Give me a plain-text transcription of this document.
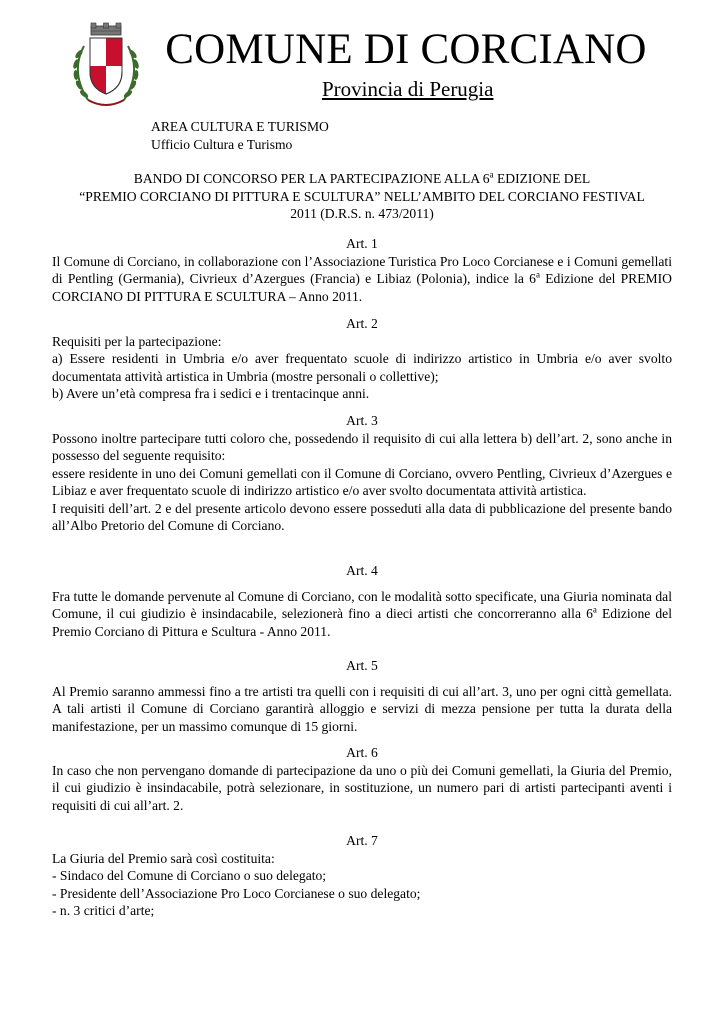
COMUNE DI CORCIANO
Provincia di Perugia
AREA CULTURA E TURISMO
Ufficio Cultura e Turismo
BANDO DI CONCORSO PER LA PARTECIPAZIONE ALLA 6$^a$ EDIZIONE DEL
“PREMIO CORCIANO DI PITTURA E SCULTURA” NELL’AMBITO DEL CORCIANO FESTIVAL
2011 (D.R.S. n. 473/2011)
Art. 1
Il Comune di Corciano, in collaborazione con l’Associazione Turistica Pro Loco Corcianese e i Comuni gemellati di Pentling (Germania), Civrieux d’Azergues (Francia) e Libiaz (Polonia), indice la 6$^a$ Edizione del PREMIO CORCIANO DI PITTURA E SCULTURA – Anno 2011.
Art. 2
Requisiti per la partecipazione:
a) Essere residenti in Umbria e/o aver frequentato scuole di indirizzo artistico in Umbria e/o aver svolto documentata attività artistica in Umbria (mostre personali o collettive);
b) Avere un’età compresa fra i sedici e i trentacinque anni.
Art. 3
Possono inoltre partecipare tutti coloro che, possedendo il requisito di cui alla lettera b) dell’art. 2, sono anche in possesso del seguente requisito:
essere residente in uno dei Comuni gemellati con il Comune di Corciano, ovvero Pentling, Civrieux d’Azergues e Libiaz e aver frequentato scuole di indirizzo artistico e/o aver svolto documentata attività artistica.
I requisiti dell’art. 2 e del presente articolo devono essere posseduti alla data di pubblicazione del presente bando all’Albo Pretorio del Comune di Corciano.
Art. 4
Fra tutte le domande pervenute al Comune di Corciano, con le modalità sotto specificate, una Giuria nominata dal Comune, il cui giudizio è insindacabile, selezionerà fino a dieci artisti che concorreranno alla 6$^a$ Edizione del Premio Corciano di Pittura e Scultura - Anno 2011.
Art. 5
Al Premio saranno ammessi fino a tre artisti tra quelli con i requisiti di cui all’art. 3, uno per ogni città gemellata. A tali artisti il Comune di Corciano garantirà alloggio e servizi di mezza pensione per tutta la durata della manifestazione, per un massimo comunque di 15 giorni.
Art. 6
In caso che non pervengano domande di partecipazione da uno o più dei Comuni gemellati, la Giuria del Premio, il cui giudizio è insindacabile, potrà selezionare, in sostituzione, un numero pari di artisti partecipanti aventi i requisiti di cui all’art. 2.
Art. 7
La Giuria del Premio sarà così costituita:
- Sindaco del Comune di Corciano o suo delegato;
- Presidente dell’Associazione Pro Loco Corcianese o suo delegato;
- n. 3 critici d’arte;
